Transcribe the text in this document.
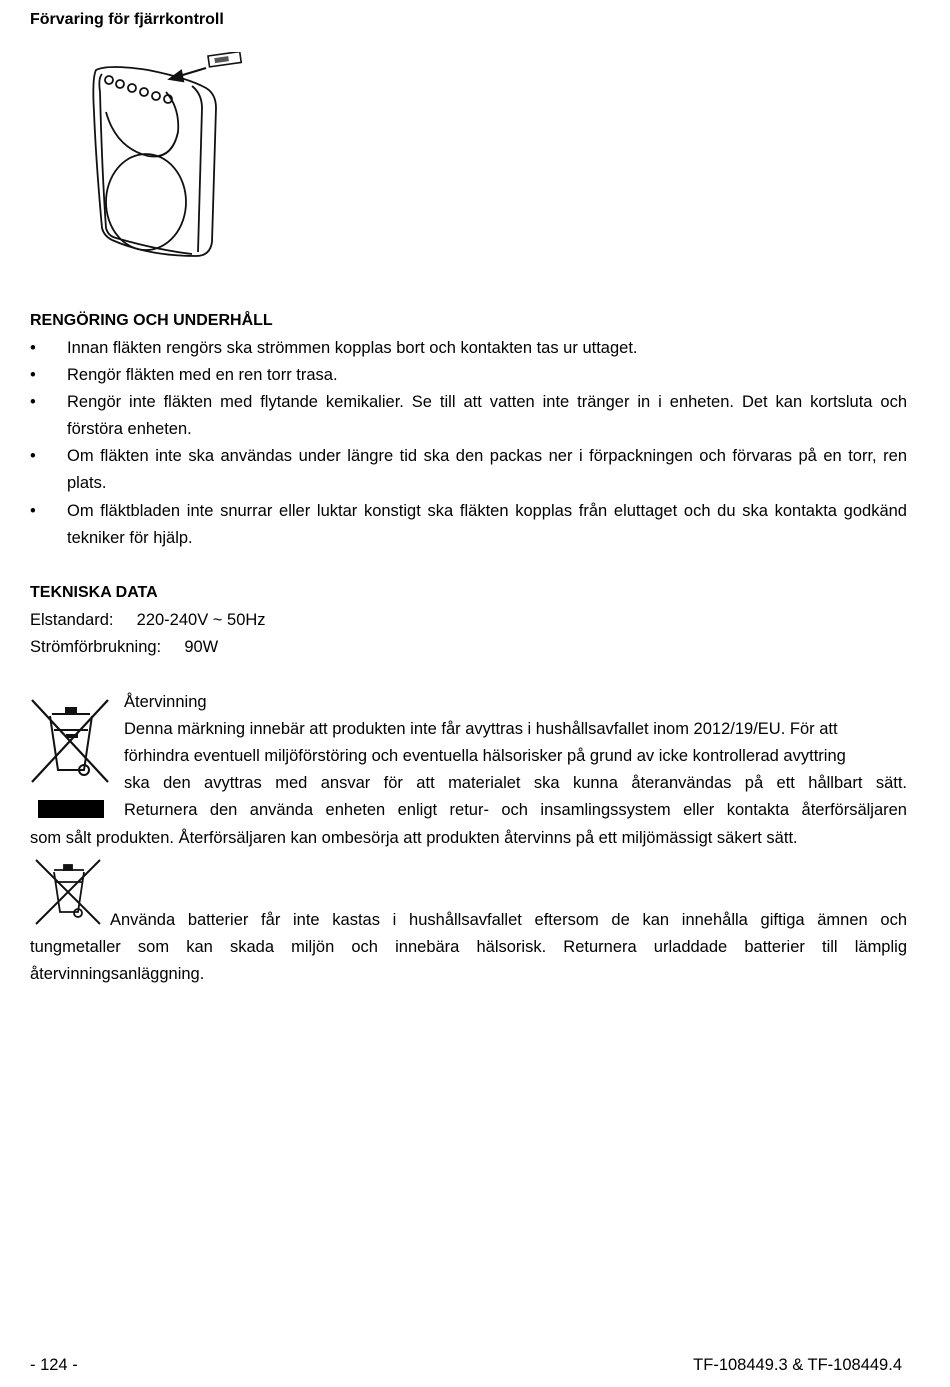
Förvaring för fjärrkontroll
RENGÖRING OCH UNDERHÅLL
•	Innan fläkten rengörs ska strömmen kopplas bort och kontakten tas ur uttaget.
•	Rengör fläkten med en ren torr trasa.
•	Rengör inte fläkten med flytande kemikalier. Se till att vatten inte tränger in i enheten. Det kan kortsluta och förstöra enheten.
•	Om fläkten inte ska användas under längre tid ska den packas ner i förpackningen och förvaras på en torr, ren plats.
•	Om fläktbladen inte snurrar eller luktar konstigt ska fläkten kopplas från eluttaget och du ska kontakta godkänd tekniker för hjälp.
TEKNISKA DATA
Elstandard: 220-240V ~ 50Hz
Strömförbrukning: 90W
Återvinning
Denna märkning innebär att produkten inte får avyttras i hushållsavfallet inom 2012/19/EU. För att
förhindra eventuell miljöförstöring och eventuella hälsorisker på grund av icke kontrollerad avyttring
ska den avyttras med ansvar för att materialet ska kunna återanvändas på ett hållbart sätt.
Returnera den använda enheten enligt retur- och insamlingssystem eller kontakta återförsäljaren
som sålt produkten. Återförsäljaren kan ombesörja att produkten återvinns på ett miljömässigt säkert sätt.
Använda batterier får inte kastas i hushållsavfallet eftersom de kan innehålla giftiga ämnen och
tungmetaller som kan skada miljön och innebära hälsorisk. Returnera urladdade batterier till lämplig
återvinningsanläggning.
- 124 -	TF-108449.3 & TF-108449.4
